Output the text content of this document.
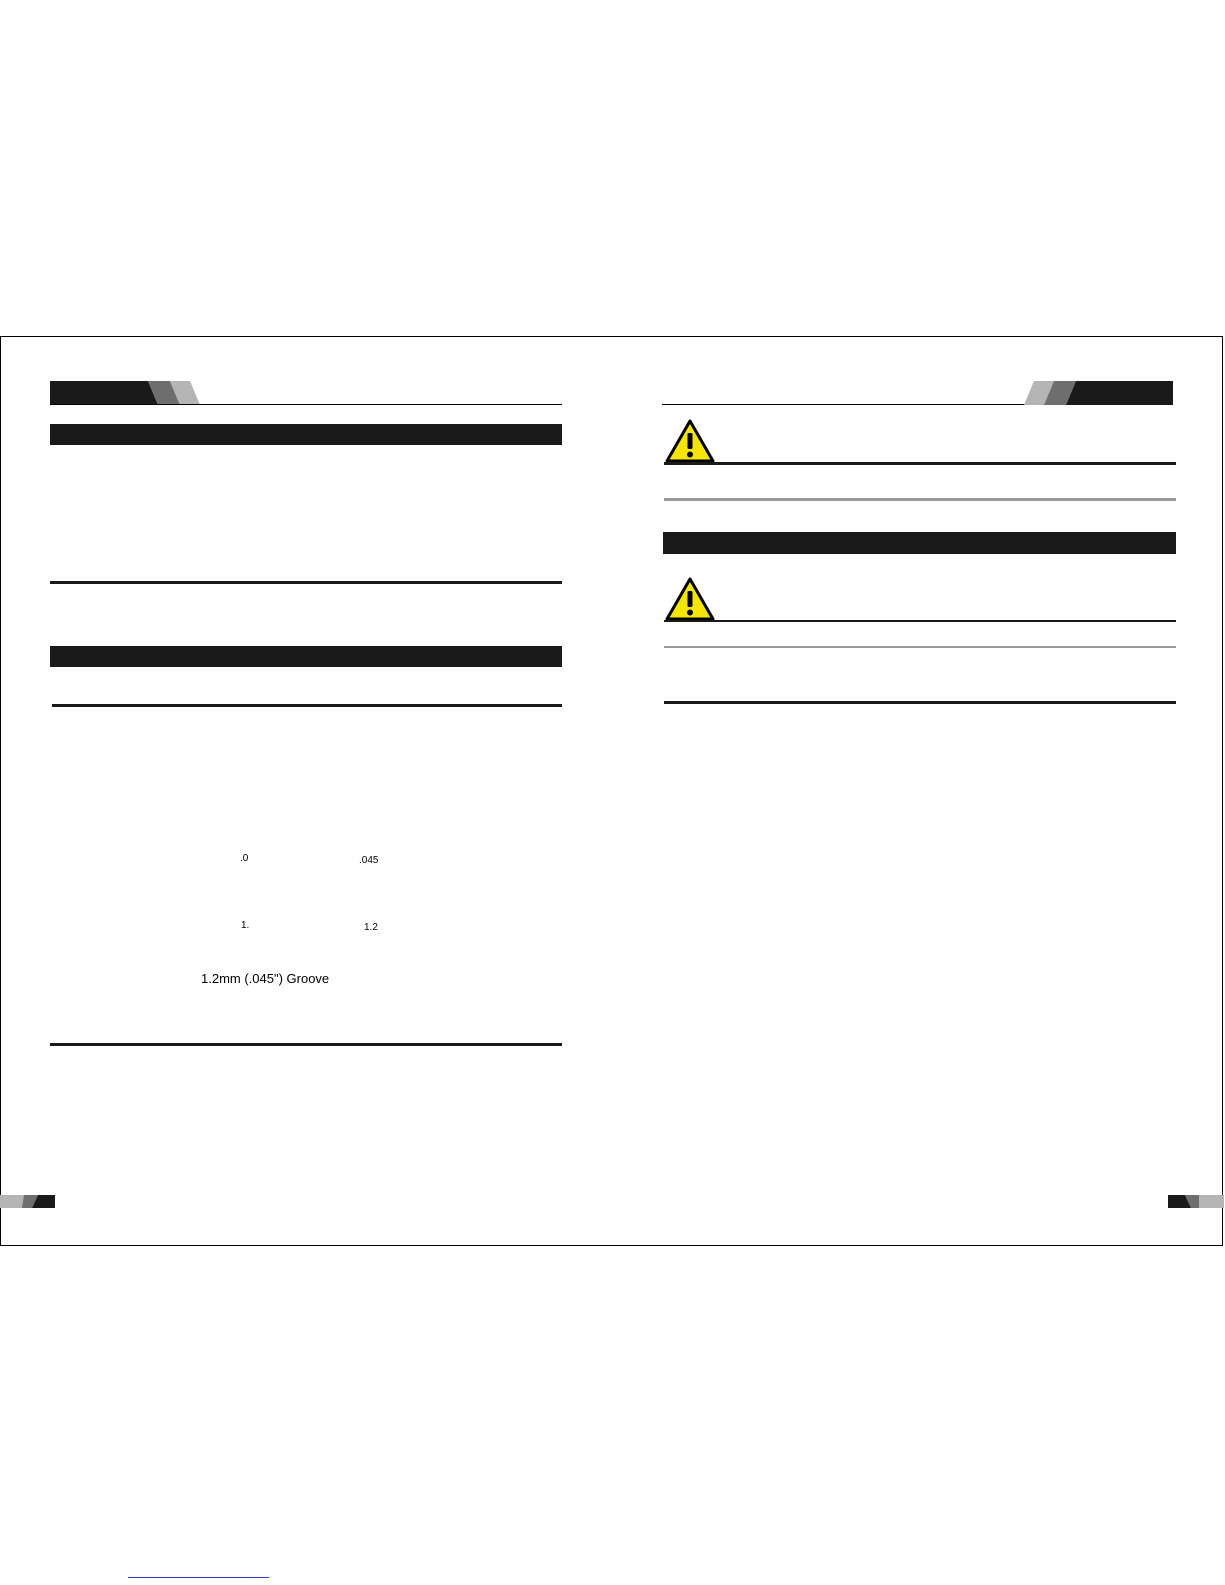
.0	.045
1.	1.2
1.2mm (.045") Groove
